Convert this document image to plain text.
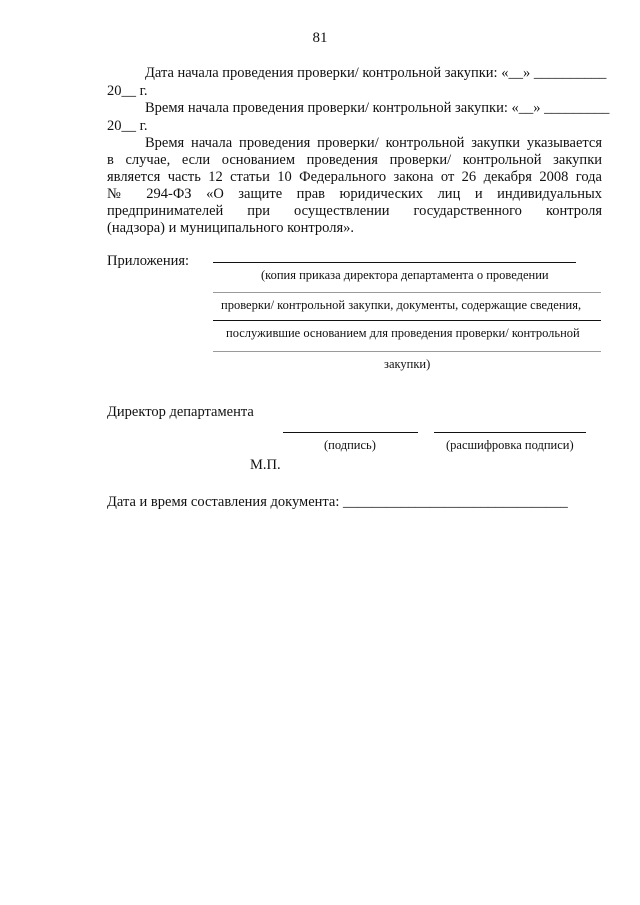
81
Дата начала проведения проверки/ контрольной закупки: «__» __________
20__ г.
Время начала проведения проверки/ контрольной закупки: «__» _________
20__ г.
Время начала проведения проверки/ контрольной закупки указывается
в случае, если основанием проведения проверки/ контрольной закупки
является часть 12 статьи 10 Федерального закона от 26 декабря 2008 года
№ 294-ФЗ «О защите прав юридических лиц и индивидуальных
предпринимателей при осуществлении государственного контроля
(надзора) и муниципального контроля».
Приложения:
(копия приказа директора департамента о проведении
проверки/ контрольной закупки, документы, содержащие сведения,
послужившие основанием для проведения проверки/ контрольной
закупки)
Директор департамента
(подпись)	(расшифровка подписи)
М.П.
Дата и время составления документа: _______________________________
